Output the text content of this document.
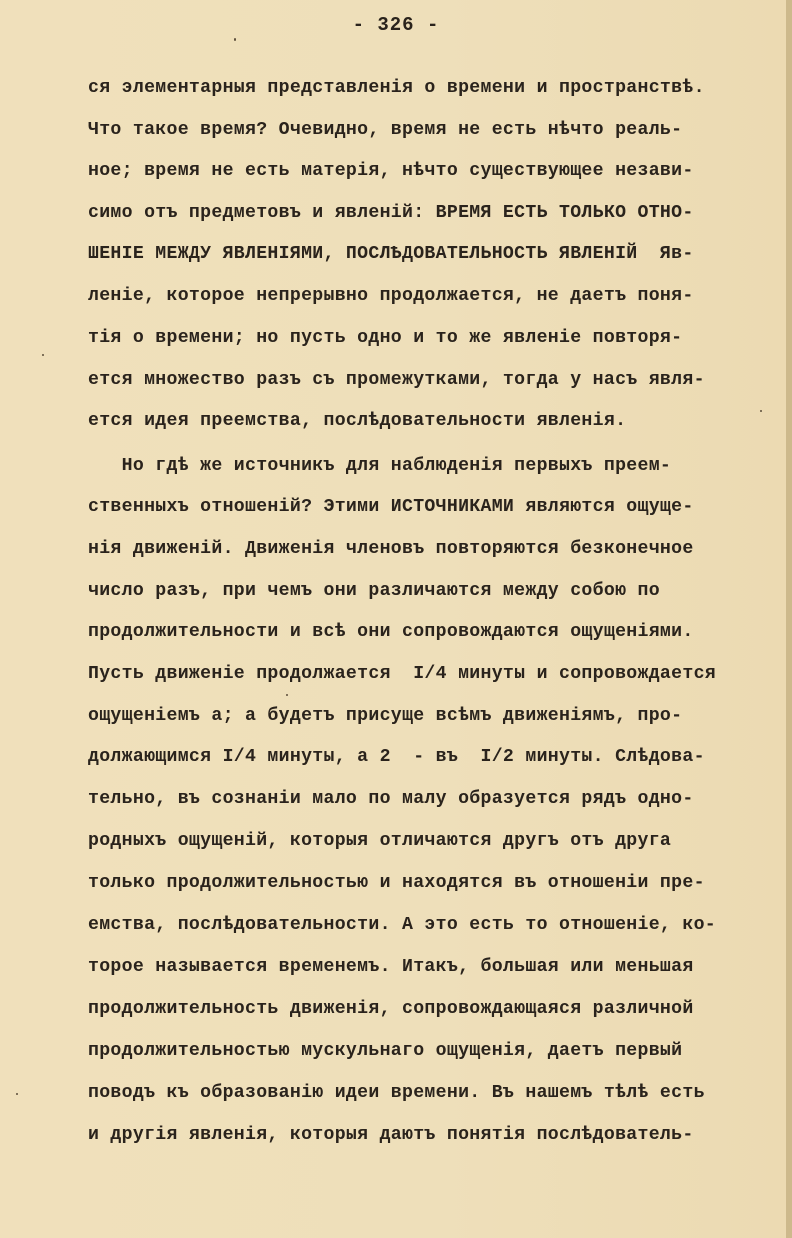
- 326 -
ся элементарныя представленія о времени и пространствѣ.
Что такое время? Очевидно, время не есть нѣчто реаль-
ное; время не есть матерія, нѣчто существующее незави-
симо отъ предметовъ и явленій: ВРЕМЯ ЕСТЬ ТОЛЬКО ОТНО-
ШЕНІЕ МЕЖДУ ЯВЛЕНІЯМИ, ПОСЛѢДОВАТЕЛЬНОСТЬ ЯВЛЕНІЙ  Яв-
леніе, которое непрерывно продолжается, не даетъ поня-
тія о времени; но пусть одно и то же явленіе повторя-
ется множество разъ съ промежутками, тогда у насъ явля-
ется идея преемства, послѣдовательности явленія.
Но гдѣ же источникъ для наблюденія первыхъ преем-
ственныхъ отношеній? Этими ИСТОЧНИКАМИ являются ощуще-
нія движеній. Движенія членовъ повторяются безконечное
число разъ, при чемъ они различаются между собою по
продолжительности и всѣ они сопровождаются ощущеніями.
Пусть движеніе продолжается  I/4 минуты и сопровождается
ощущеніемъ а; а будетъ присуще всѣмъ движеніямъ, про-
должающимся I/4 минуты, а 2  - въ  I/2 минуты. Слѣдова-
тельно, въ сознаніи мало по малу образуется рядъ одно-
родныхъ ощущеній, которыя отличаются другъ отъ друга
только продолжительностью и находятся въ отношеніи пре-
емства, послѣдовательности. А это есть то отношеніе, ко-
торое называется временемъ. Итакъ, большая или меньшая
продолжительность движенія, сопровождающаяся различной
продолжительностью мускульнаго ощущенія, даетъ первый
поводъ къ образованію идеи времени. Въ нашемъ тѣлѣ есть
и другія явленія, которыя даютъ понятія послѣдователь-
